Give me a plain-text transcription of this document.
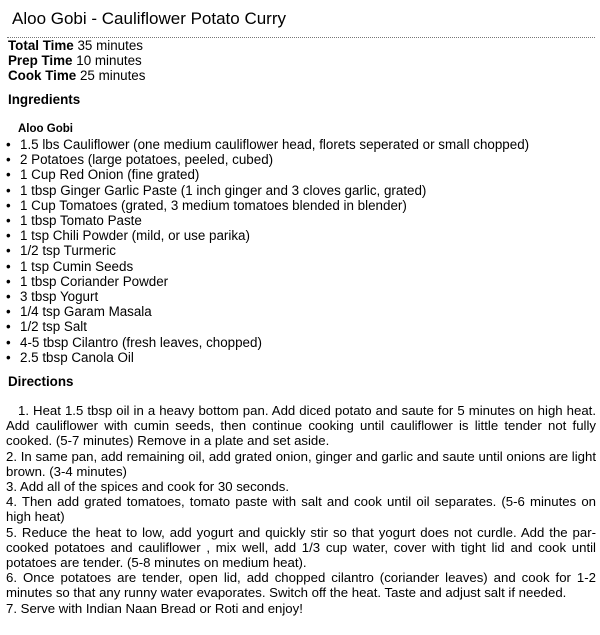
Aloo Gobi - Cauliflower Potato Curry
Total Time 35 minutes
Prep Time 10 minutes
Cook Time 25 minutes
Ingredients
Aloo Gobi
• 1.5 lbs Cauliflower (one medium cauliflower head, florets seperated or small chopped)
• 2 Potatoes (large potatoes, peeled, cubed)
• 1 Cup Red Onion (fine grated)
• 1 tbsp Ginger Garlic Paste (1 inch ginger and 3 cloves garlic, grated)
• 1 Cup Tomatoes (grated, 3 medium tomatoes blended in blender)
• 1 tbsp Tomato Paste
• 1 tsp Chili Powder (mild, or use parika)
• 1/2 tsp Turmeric
• 1 tsp Cumin Seeds
• 1 tbsp Coriander Powder
• 3 tbsp Yogurt
• 1/4 tsp Garam Masala
• 1/2 tsp Salt
• 4-5 tbsp Cilantro (fresh leaves, chopped)
• 2.5 tbsp Canola Oil
Directions

1. Heat 1.5 tbsp oil in a heavy bottom pan. Add diced potato and saute for 5 minutes on high heat. Add cauliflower with cumin seeds, then continue cooking until cauliflower is little tender not fully cooked. (5-7 minutes) Remove in a plate and set aside.

2. In same pan, add remaining oil, add grated onion, ginger and garlic and saute until onions are light brown. (3-4 minutes)

3. Add all of the spices and cook for 30 seconds.

4. Then add grated tomatoes, tomato paste with salt and cook until oil separates. (5-6 minutes on high heat)

5. Reduce the heat to low, add yogurt and quickly stir so that yogurt does not curdle. Add the par-cooked potatoes and cauliflower , mix well, add 1/3 cup water, cover with tight lid and cook until potatoes are tender. (5-8 minutes on medium heat).

6. Once potatoes are tender, open lid, add chopped cilantro (coriander leaves) and cook for 1-2 minutes so that any runny water evaporates. Switch off the heat. Taste and adjust salt if needed.

7. Serve with Indian Naan Bread or Roti and enjoy!
